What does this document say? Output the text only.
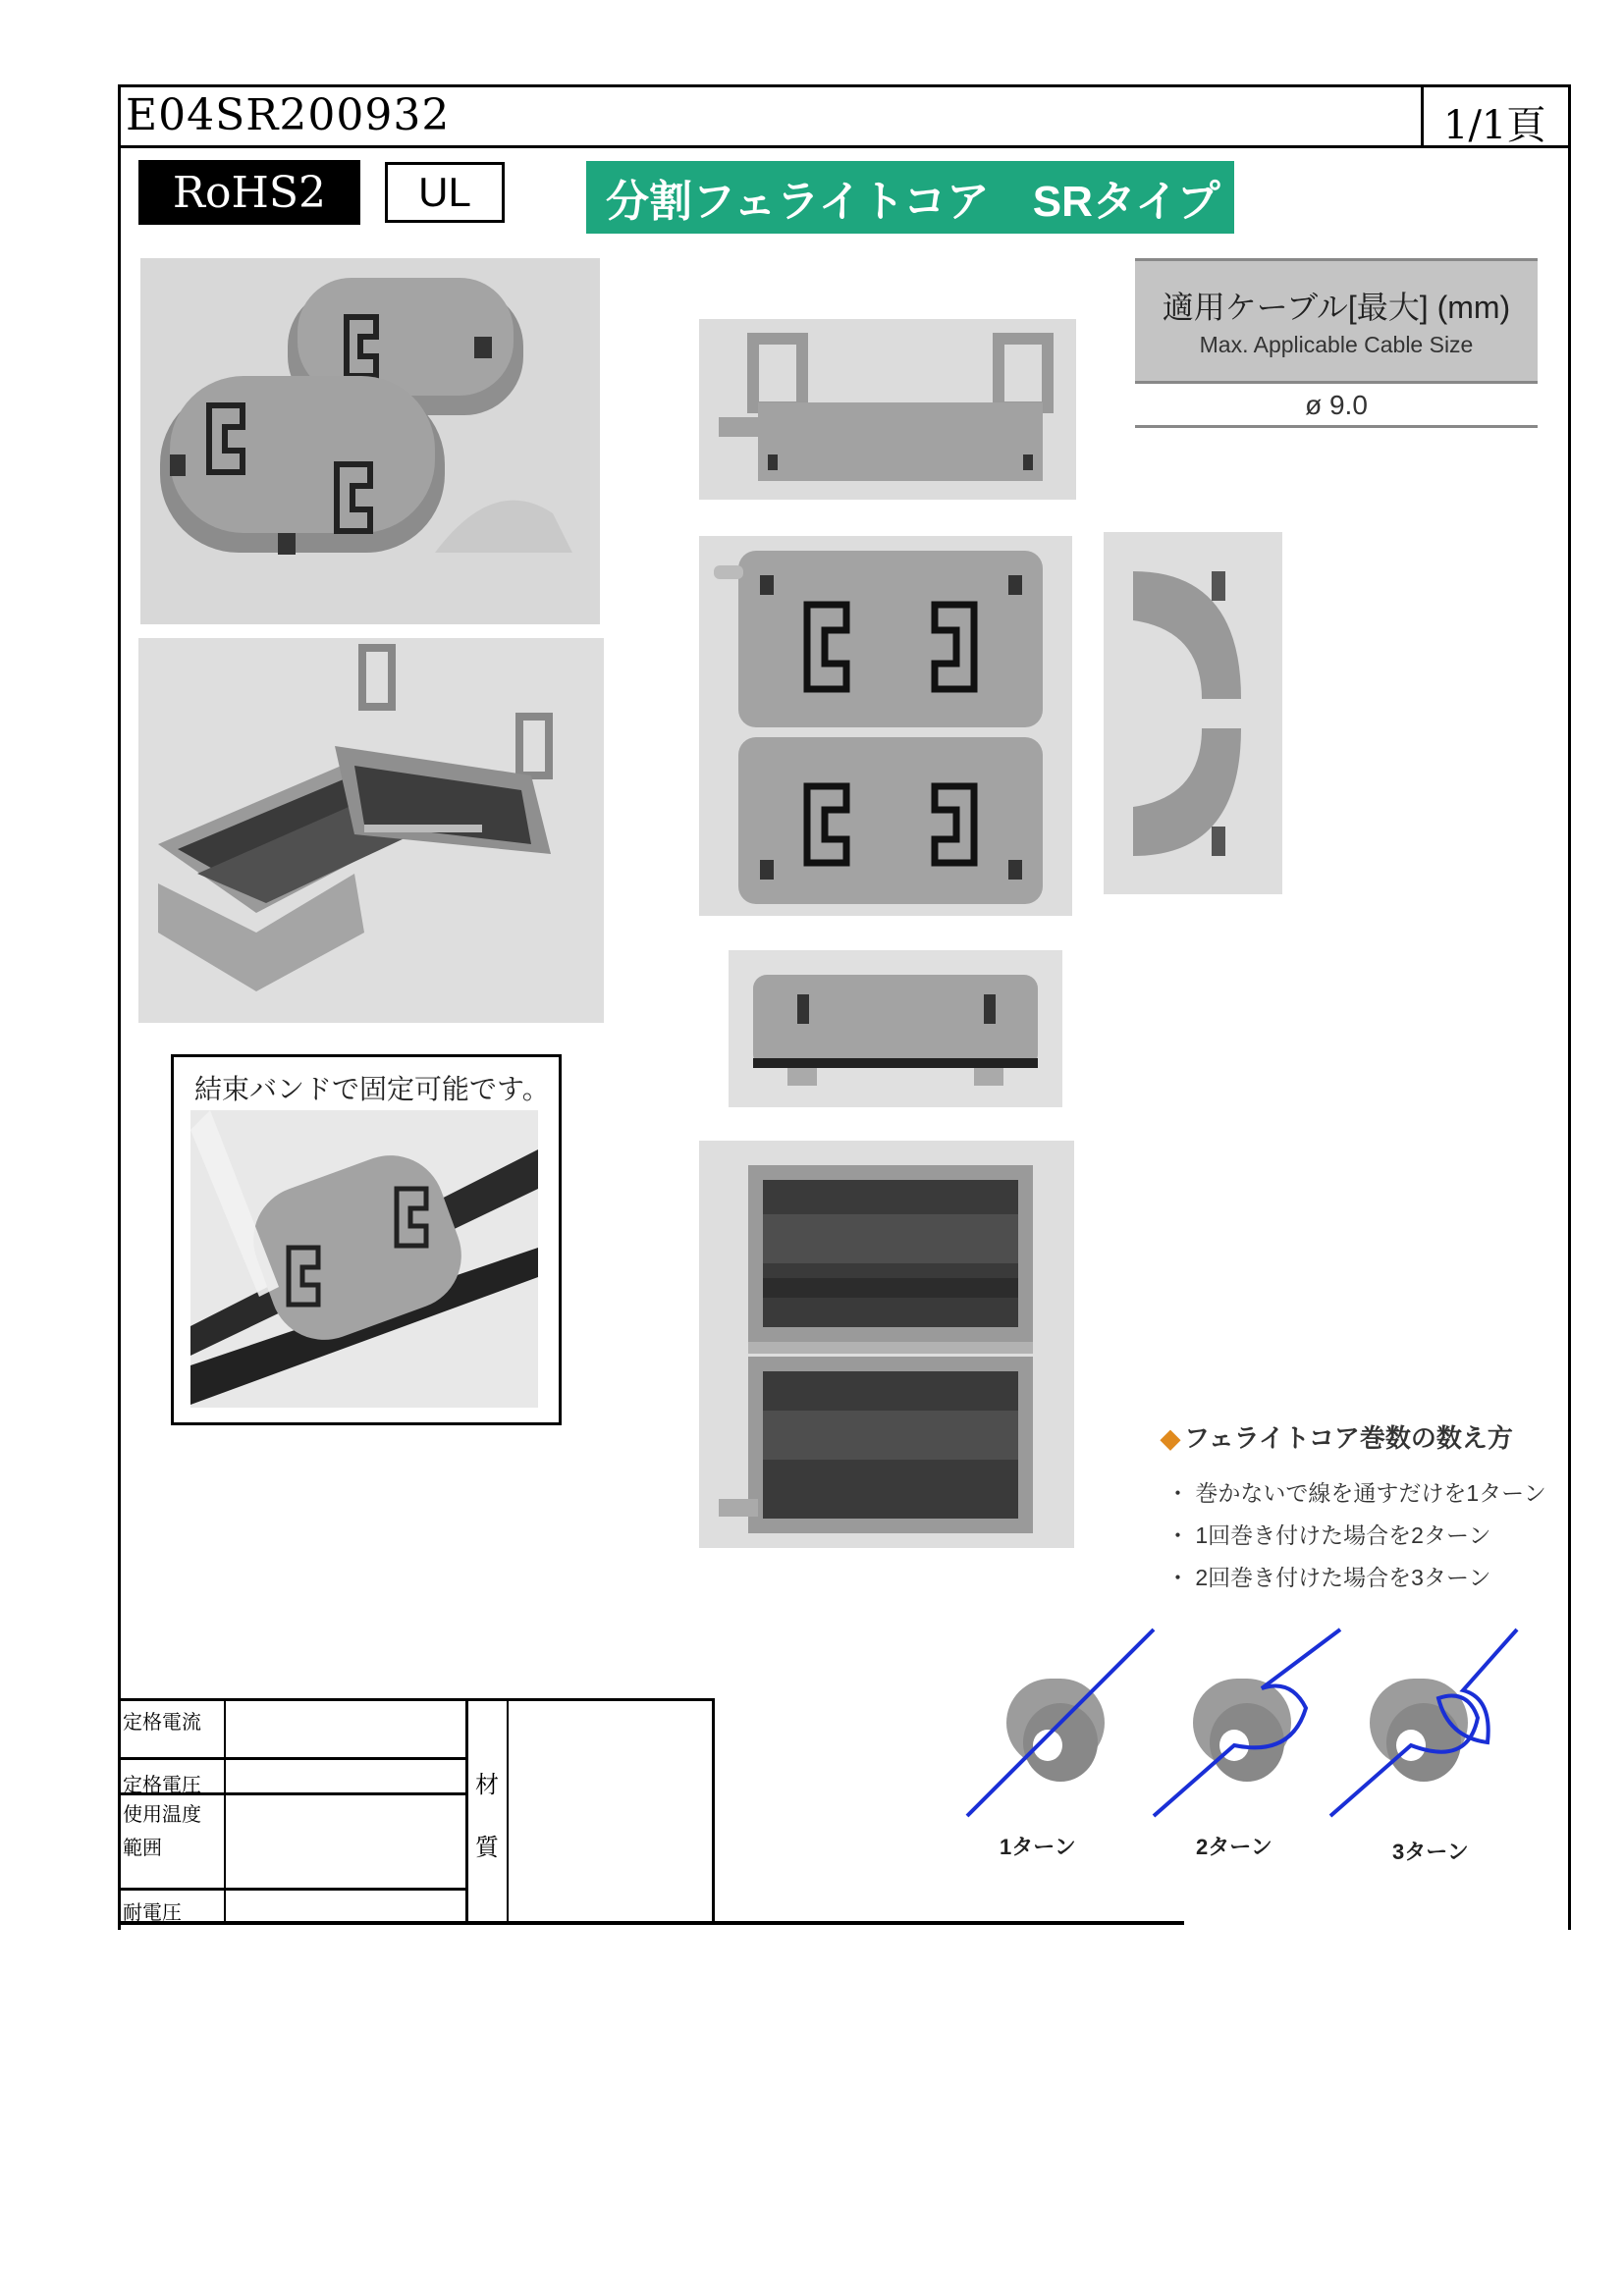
E04SR200932	1/1頁
RoHS2	UL	分割フェライトコア　SRタイプ
結束バンドで固定可能です。
適用ケーブル[最大] (mm)
Max. Applicable Cable Size
ø 9.0
◆ フェライトコア巻数の数え方
・ 巻かないで線を通すだけを1ターン
・ 1回巻き付けた場合を2ターン
・ 2回巻き付けた場合を3ターン
1ターン	2ターン	3ターン
定格電流
定格電圧
使用温度
範囲
耐電圧
材
質
